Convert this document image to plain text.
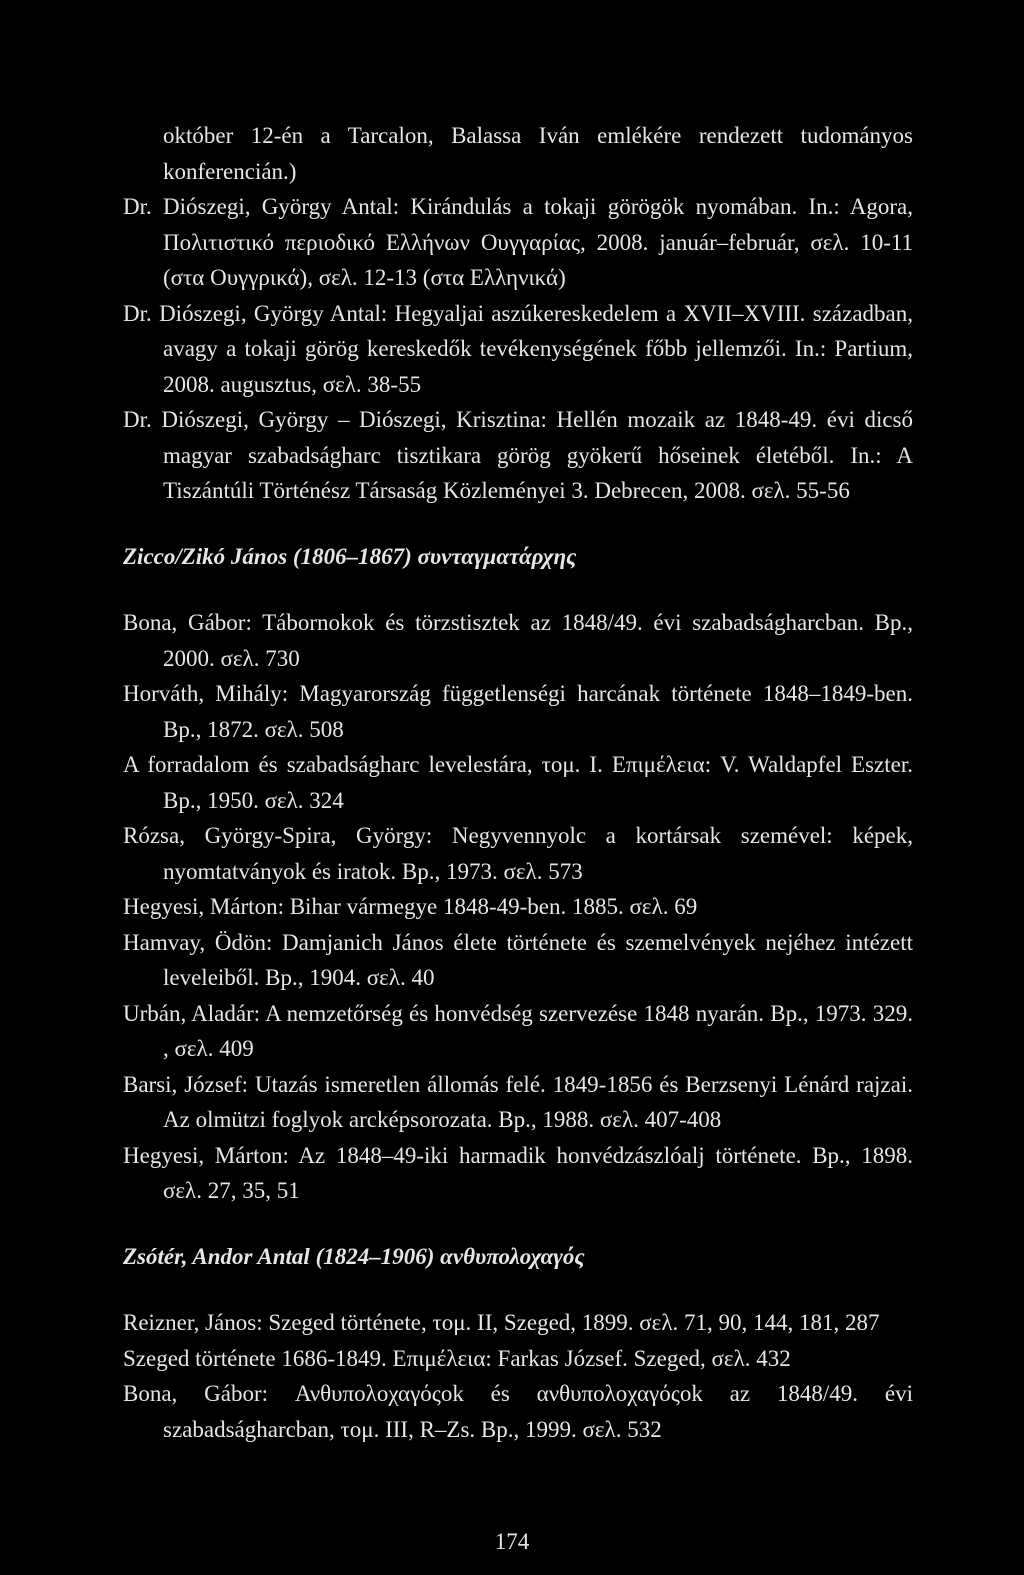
október 12-én a Tarcalon, Balassa Iván emlékére rendezett tudományos konferencián.)

Dr. Diószegi, György Antal: Kirándulás a tokaji görögök nyomában. In.: Agora, Πολιτιστικό περιοδικό Ελλήνων Ουγγαρίας, 2008. január–február, σελ. 10-11 (στα Ουγγρικά), σελ. 12-13 (στα Ελληνικά)

Dr. Diószegi, György Antal: Hegyaljai aszúkereskedelem a XVII–XVIII. században, avagy a tokaji görög kereskedők tevékenységének főbb jellemzői. In.: Partium, 2008. augusztus, σελ. 38-55

Dr. Diószegi, György – Diószegi, Krisztina: Hellén mozaik az 1848-49. évi dicső magyar szabadságharc tisztikara görög gyökerű hőseinek életéből. In.: A Tiszántúli Történész Társaság Közleményei 3. Debrecen, 2008. σελ. 55-56

Zicco/Zikó János (1806–1867) συνταγματάρχης

Bona, Gábor: Tábornokok és törzstisztek az 1848/49. évi szabadságharcban. Bp., 2000. σελ. 730

Horváth, Mihály: Magyarország függetlenségi harcának története 1848–1849-ben. Bp., 1872. σελ. 508

A forradalom és szabadságharc levelestára, τομ. I. Επιμέλεια: V. Waldapfel Eszter. Bp., 1950. σελ. 324

Rózsa, György-Spira, György: Negyvennyolc a kortársak szemével: képek, nyomtatványok és iratok. Bp., 1973. σελ. 573

Hegyesi, Márton: Bihar vármegye 1848-49-ben. 1885. σελ. 69

Hamvay, Ödön: Damjanich János élete története és szemelvények nejéhez intézett leveleiből. Bp., 1904. σελ. 40

Urbán, Aladár: A nemzetőrség és honvédség szervezése 1848 nyarán. Bp., 1973. 329. , σελ. 409

Barsi, József: Utazás ismeretlen állomás felé. 1849-1856 és Berzsenyi Lénárd rajzai. Az olmützi foglyok arcképsorozata. Bp., 1988. σελ. 407-408

Hegyesi, Márton: Az 1848–49-iki harmadik honvédzászlóalj története. Bp., 1898. σελ. 27, 35, 51

Zsótér, Andor Antal (1824–1906) ανθυπολοχαγός

Reizner, János: Szeged története, τομ. II, Szeged, 1899. σελ. 71, 90, 144, 181, 287

Szeged története 1686-1849. Επιμέλεια: Farkas József. Szeged, σελ. 432

Bona, Gábor: Ανθυπολοχαγόςok és ανθυπολοχαγόςok az 1848/49. évi szabadságharcban, τομ. III, R–Zs. Bp., 1999. σελ. 532

174
